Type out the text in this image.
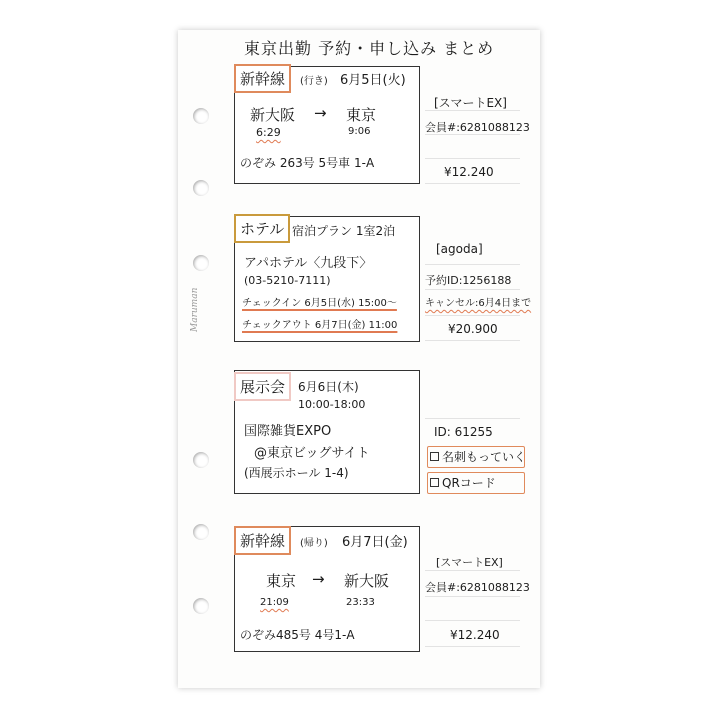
Maruman
東京出勤 予約・申し込み まとめ
新幹線	(行き) 6月5日(火)
新大阪 → 東京
6:29	9:06
のぞみ 263号 5号車 1-A
[スマートEX]
会員#:6281088123
¥12.240
ホテル 宿泊プラン 1室2泊
アパホテル〈九段下〉
(03-5210-7111)
チェックイン 6月5日(水) 15:00〜
チェックアウト 6月7日(金) 11:00
[agoda]
予約ID:1256188
キャンセル:6月4日まで
¥20.900
展示会	6月6日(木)
10:00-18:00
国際雑貨EXPO
@東京ビッグサイト
(西展示ホール 1-4)
ID: 61255
名刺もっていく
QRコード
新幹線	(帰り) 6月7日(金)
東京 → 新大阪
21:09	23:33
のぞみ485号 4号1-A
[スマートEX]
会員#:6281088123
¥12.240
